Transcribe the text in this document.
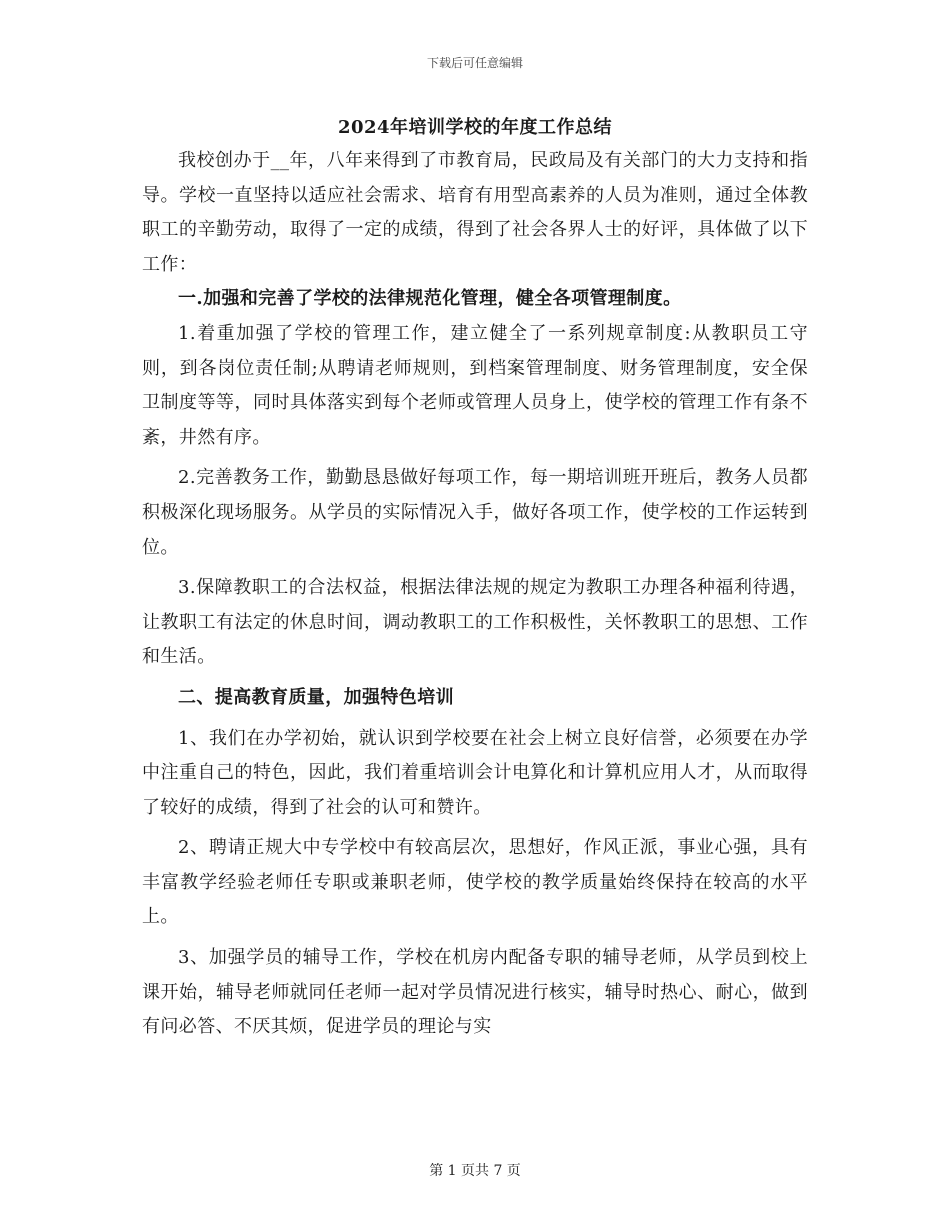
下载后可任意编辑
2024年培训学校的年度工作总结

我校创办于__年，八年来得到了市教育局，民政局及有关部门的大力支持和指导。学校一直坚持以适应社会需求、培育有用型高素养的人员为准则，通过全体教职工的辛勤劳动，取得了一定的成绩，得到了社会各界人士的好评，具体做了以下工作：

一.加强和完善了学校的法律规范化管理，健全各项管理制度。

1.着重加强了学校的管理工作，建立健全了一系列规章制度:从教职员工守则，到各岗位责任制;从聘请老师规则，到档案管理制度、财务管理制度，安全保卫制度等等，同时具体落实到每个老师或管理人员身上，使学校的管理工作有条不紊，井然有序。

2.完善教务工作，勤勤恳恳做好每项工作，每一期培训班开班后，教务人员都积极深化现场服务。从学员的实际情况入手，做好各项工作，使学校的工作运转到位。

3.保障教职工的合法权益，根据法律法规的规定为教职工办理各种福利待遇，让教职工有法定的休息时间，调动教职工的工作积极性，关怀教职工的思想、工作和生活。

二、提高教育质量，加强特色培训

1、我们在办学初始，就认识到学校要在社会上树立良好信誉，必须要在办学中注重自己的特色，因此，我们着重培训会计电算化和计算机应用人才，从而取得了较好的成绩，得到了社会的认可和赞许。

2、聘请正规大中专学校中有较高层次，思想好，作风正派，事业心强，具有丰富教学经验老师任专职或兼职老师，使学校的教学质量始终保持在较高的水平上。

3、加强学员的辅导工作，学校在机房内配备专职的辅导老师，从学员到校上课开始，辅导老师就同任老师一起对学员情况进行核实，辅导时热心、耐心，做到有问必答、不厌其烦，促进学员的理论与实

第 1 页共 7 页
